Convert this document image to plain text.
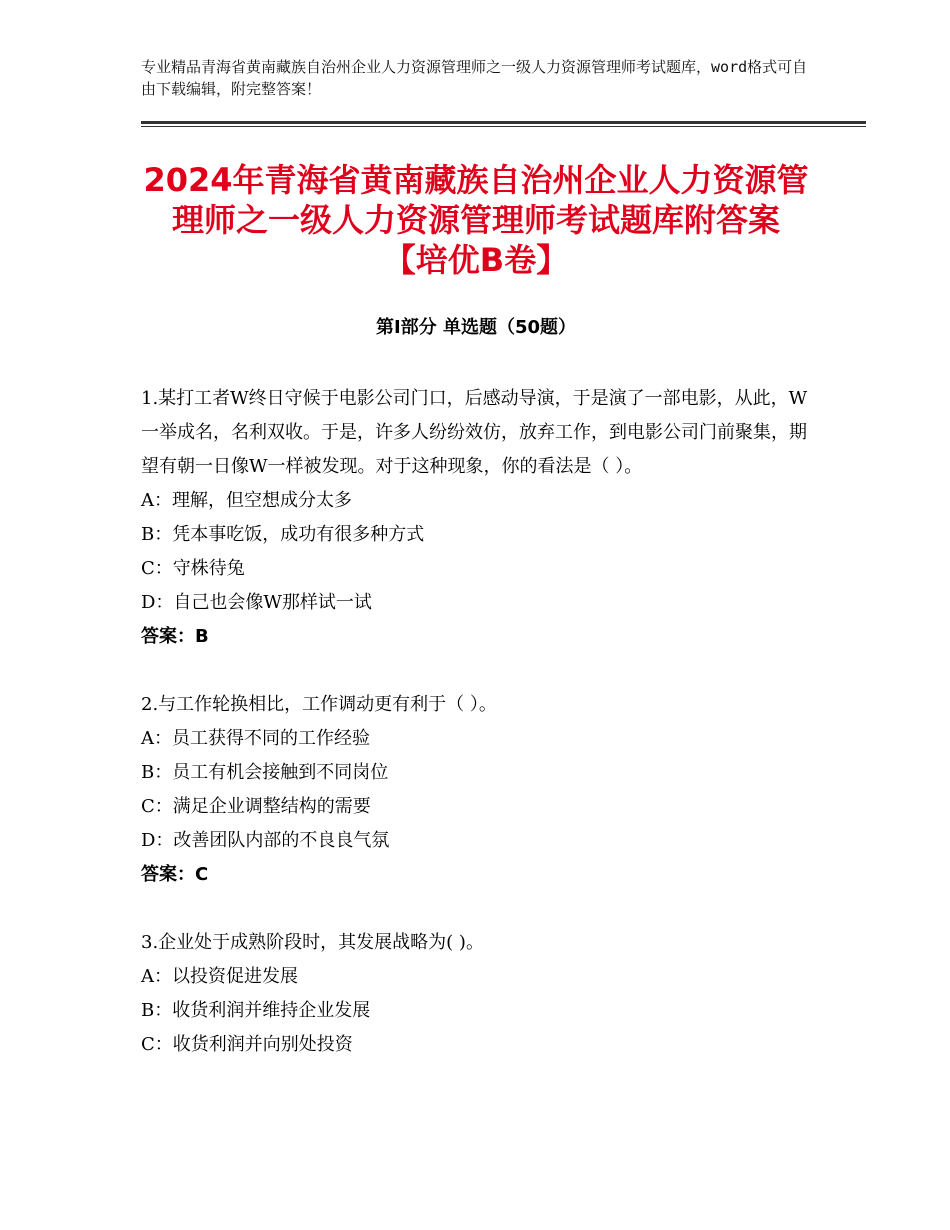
专业精品青海省黄南藏族自治州企业人力资源管理师之一级人力资源管理师考试题库，word格式可自由下载编辑，附完整答案！
2024年青海省黄南藏族自治州企业人力资源管理师之一级人力资源管理师考试题库附答案【培优B卷】
第Ⅰ部分 单选题（50题）

1.某打工者W终日守候于电影公司门口，后感动导演，于是演了一部电影，从此，W一举成名，名利双收。于是，许多人纷纷效仿，放弃工作，到电影公司门前聚集，期望有朝一日像W一样被发现。对于这种现象，你的看法是（ ）。

A：理解，但空想成分太多

B：凭本事吃饭，成功有很多种方式

C：守株待兔

D：自己也会像W那样试一试

答案：B

2.与工作轮换相比，工作调动更有利于（ ）。

A：员工获得不同的工作经验

B：员工有机会接触到不同岗位

C：满足企业调整结构的需要

D：改善团队内部的不良良气氛

答案：C

3.企业处于成熟阶段时，其发展战略为( )。

A：以投资促进发展

B：收货利润并维持企业发展

C：收货利润并向别处投资
